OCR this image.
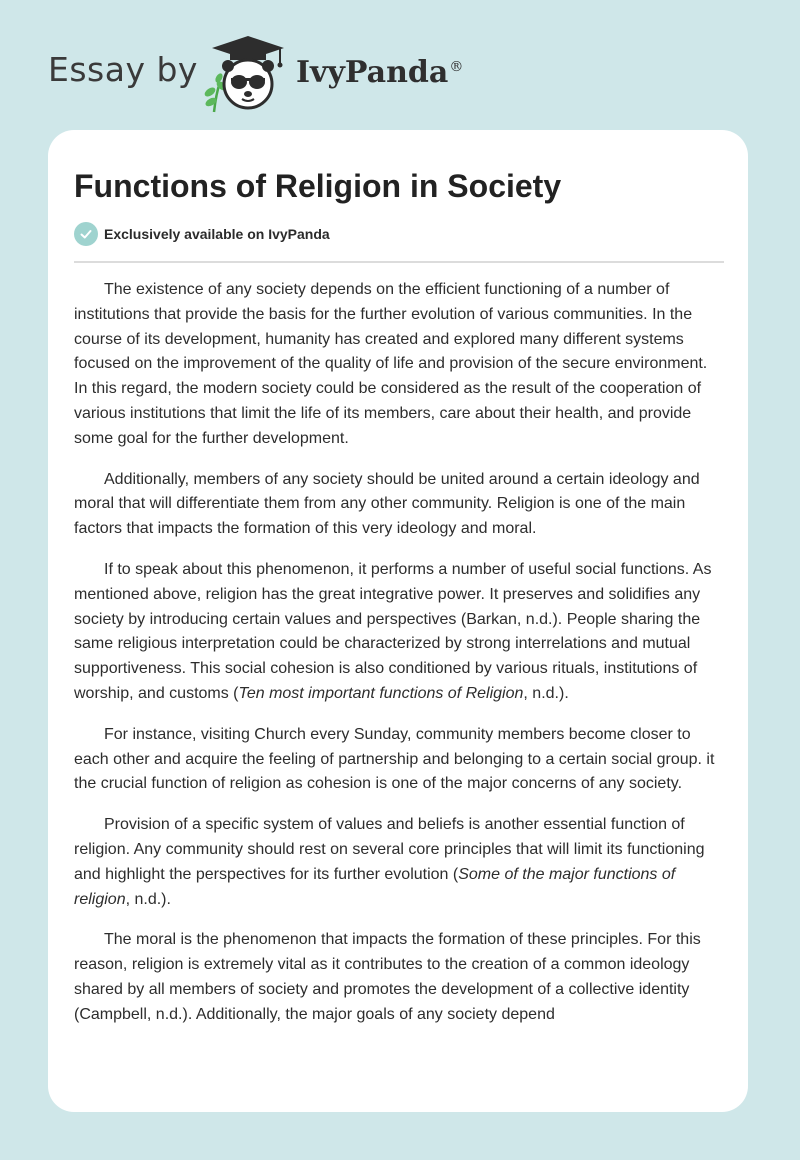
Essay by	IvyPanda®
Functions of Religion in Society
Exclusively available on IvyPanda

The existence of any society depends on the efficient functioning of a number of institutions that provide the basis for the further evolution of various communities. In the course of its development, humanity has created and explored many different systems focused on the improvement of the quality of life and provision of the secure environment. In this regard, the modern society could be considered as the result of the cooperation of various institutions that limit the life of its members, care about their health, and provide some goal for the further development.

Additionally, members of any society should be united around a certain ideology and moral that will differentiate them from any other community. Religion is one of the main factors that impacts the formation of this very ideology and moral.

If to speak about this phenomenon, it performs a number of useful social functions. As mentioned above, religion has the great integrative power. It preserves and solidifies any society by introducing certain values and perspectives (Barkan, n.d.). People sharing the same religious interpretation could be characterized by strong interrelations and mutual supportiveness. This social cohesion is also conditioned by various rituals, institutions of worship, and customs (Ten most important functions of Religion, n.d.).

For instance, visiting Church every Sunday, community members become closer to each other and acquire the feeling of partnership and belonging to a certain social group. it the crucial function of religion as cohesion is one of the major concerns of any society.

Provision of a specific system of values and beliefs is another essential function of religion. Any community should rest on several core principles that will limit its functioning and highlight the perspectives for its further evolution (Some of the major functions of religion, n.d.).

The moral is the phenomenon that impacts the formation of these principles. For this reason, religion is extremely vital as it contributes to the creation of a common ideology shared by all members of society and promotes the development of a collective identity (Campbell, n.d.). Additionally, the major goals of any society depend
